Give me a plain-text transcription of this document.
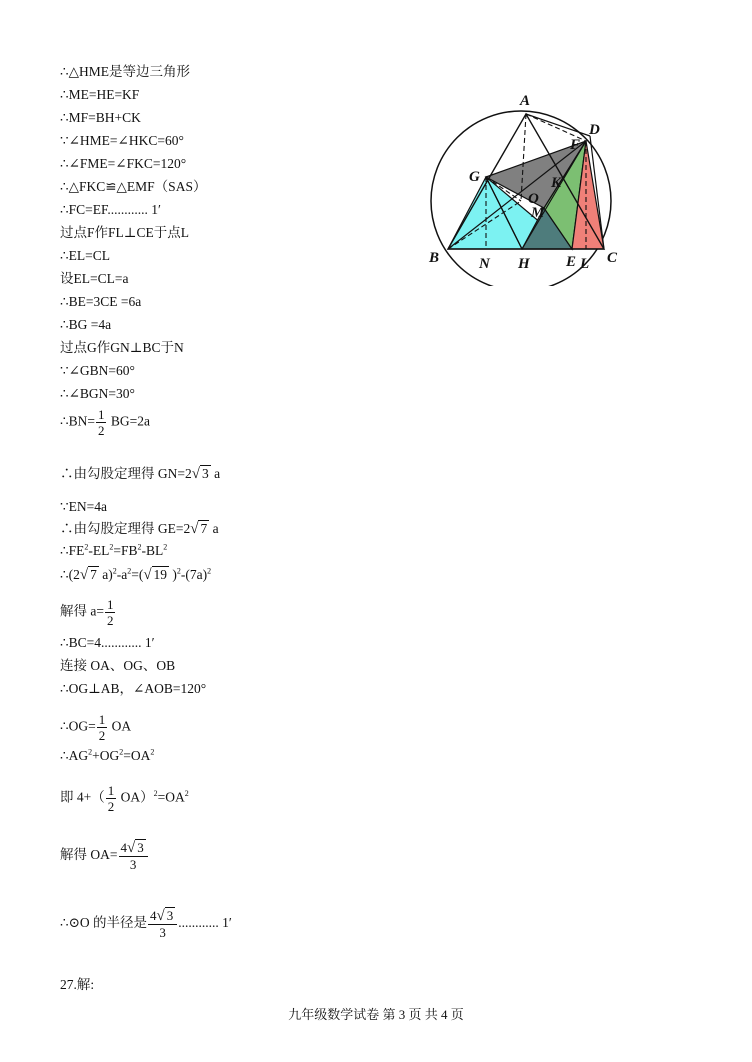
∴△HME是等边三角形
∴ME=HE=KF
∴MF=BH+CK
∵∠HME=∠HKC=60°
∴∠FME=∠FKC=120°
∴△FKC≌△EMF（SAS）
∴FC=EF............ 1′
过点F作FL⊥CE于点L
∴EL=CL
设EL=CL=a
∴BE=3CE =6a
∴BG =4a
过点G作GN⊥BC于N
∵∠GBN=60°
∴∠BGN=30°
∴BN= $\frac{1}{2} BG=2a$
∴由勾股定理得 GN=2√ 3 a
∵EN=4a
∴由勾股定理得 GE=2√ 7 a
$\therefore FE^2-EL^2=FB^2-BL^2$
∴(2√ 7 $a)^2-a^2=(√$ 19 )$^2-(7a)^2$
解得 $a= \frac{1}{2}$
∴BC=4............ 1′
连接 OA、OG、OB
∴OG⊥AB，∠AOB=120°
∴OG= $\frac{1}{2}$ OA
$\therefore AG^2+OG^2=OA^2$
即 $4+( \frac{1}{2} OA)^2=OA^2$
解得 $OA= \frac{4√ 3}{3}$
∴⊙O 的半径是 $\frac{4√ 3}{3}$ ............ 1′
27.解:
A
D
F
G
O
K
M
B	N H E L C
九年级数学试卷 第 3 页 共 4 页
